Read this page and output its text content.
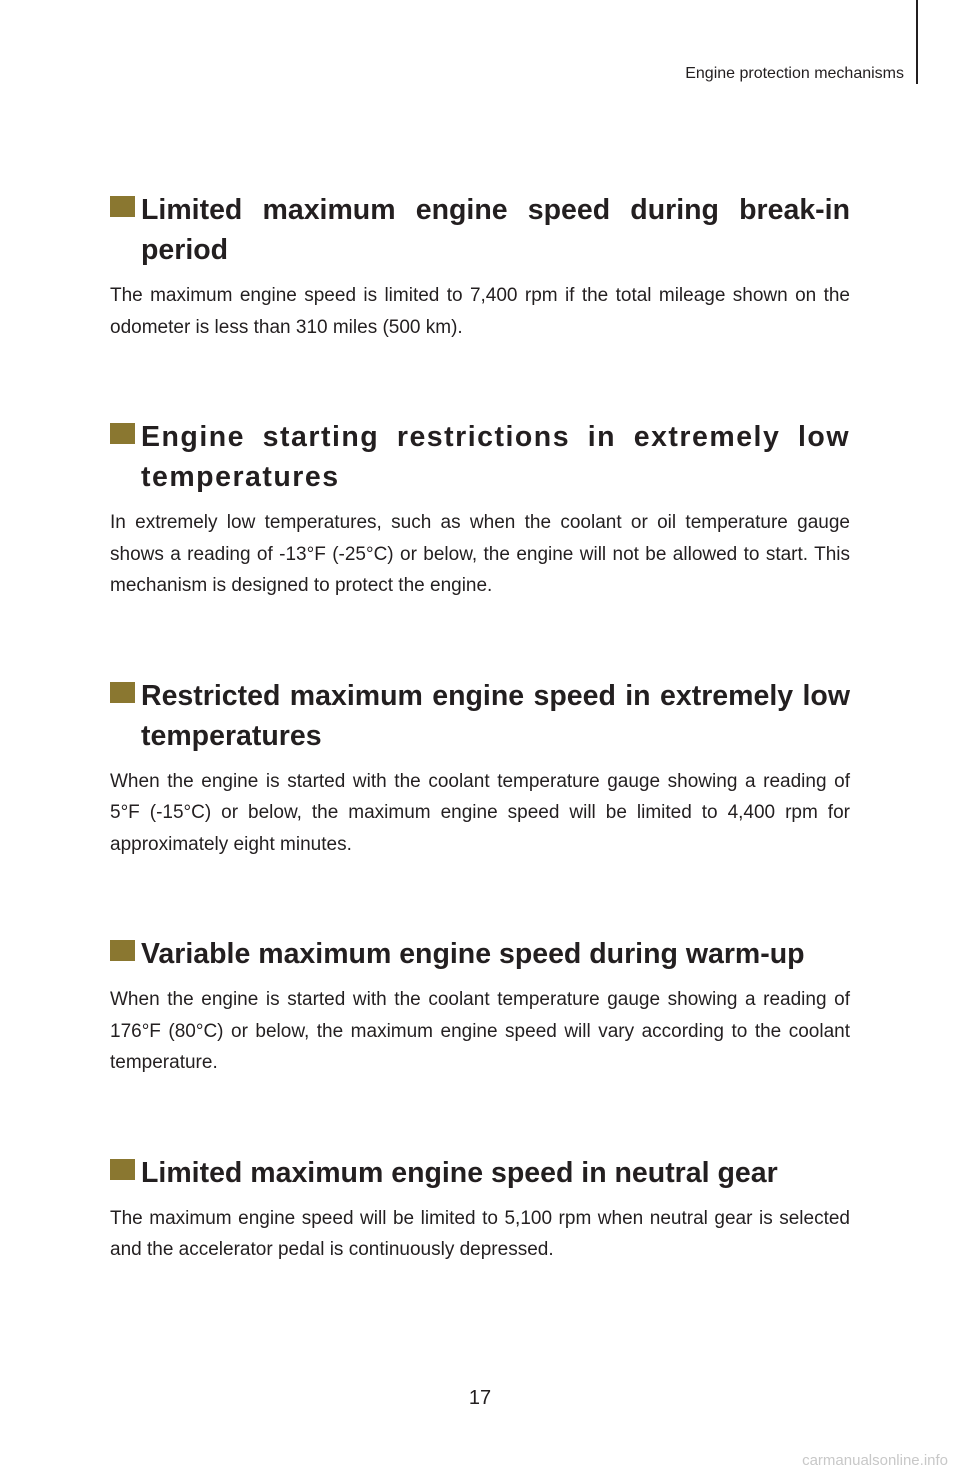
Engine protection mechanisms
Limited maximum engine speed during break-in period

The maximum engine speed is limited to 7,400 rpm if the total mileage shown on the odometer is less than 310 miles (500 km).

Engine starting restrictions in extremely low temperatures

In extremely low temperatures, such as when the coolant or oil temperature gauge shows a reading of -13°F (-25°C) or below, the engine will not be allowed to start. This mechanism is designed to protect the engine.

Restricted maximum engine speed in extremely low temperatures

When the engine is started with the coolant temperature gauge showing a reading of 5°F (-15°C) or below, the maximum engine speed will be limited to 4,400 rpm for approximately eight minutes.

Variable maximum engine speed during warm-up

When the engine is started with the coolant temperature gauge showing a reading of 176°F (80°C) or below, the maximum engine speed will vary according to the coolant temperature.

Limited maximum engine speed in neutral gear

The maximum engine speed will be limited to 5,100 rpm when neutral gear is selected and the accelerator pedal is continuously depressed.

17
carmanualsonline.info
